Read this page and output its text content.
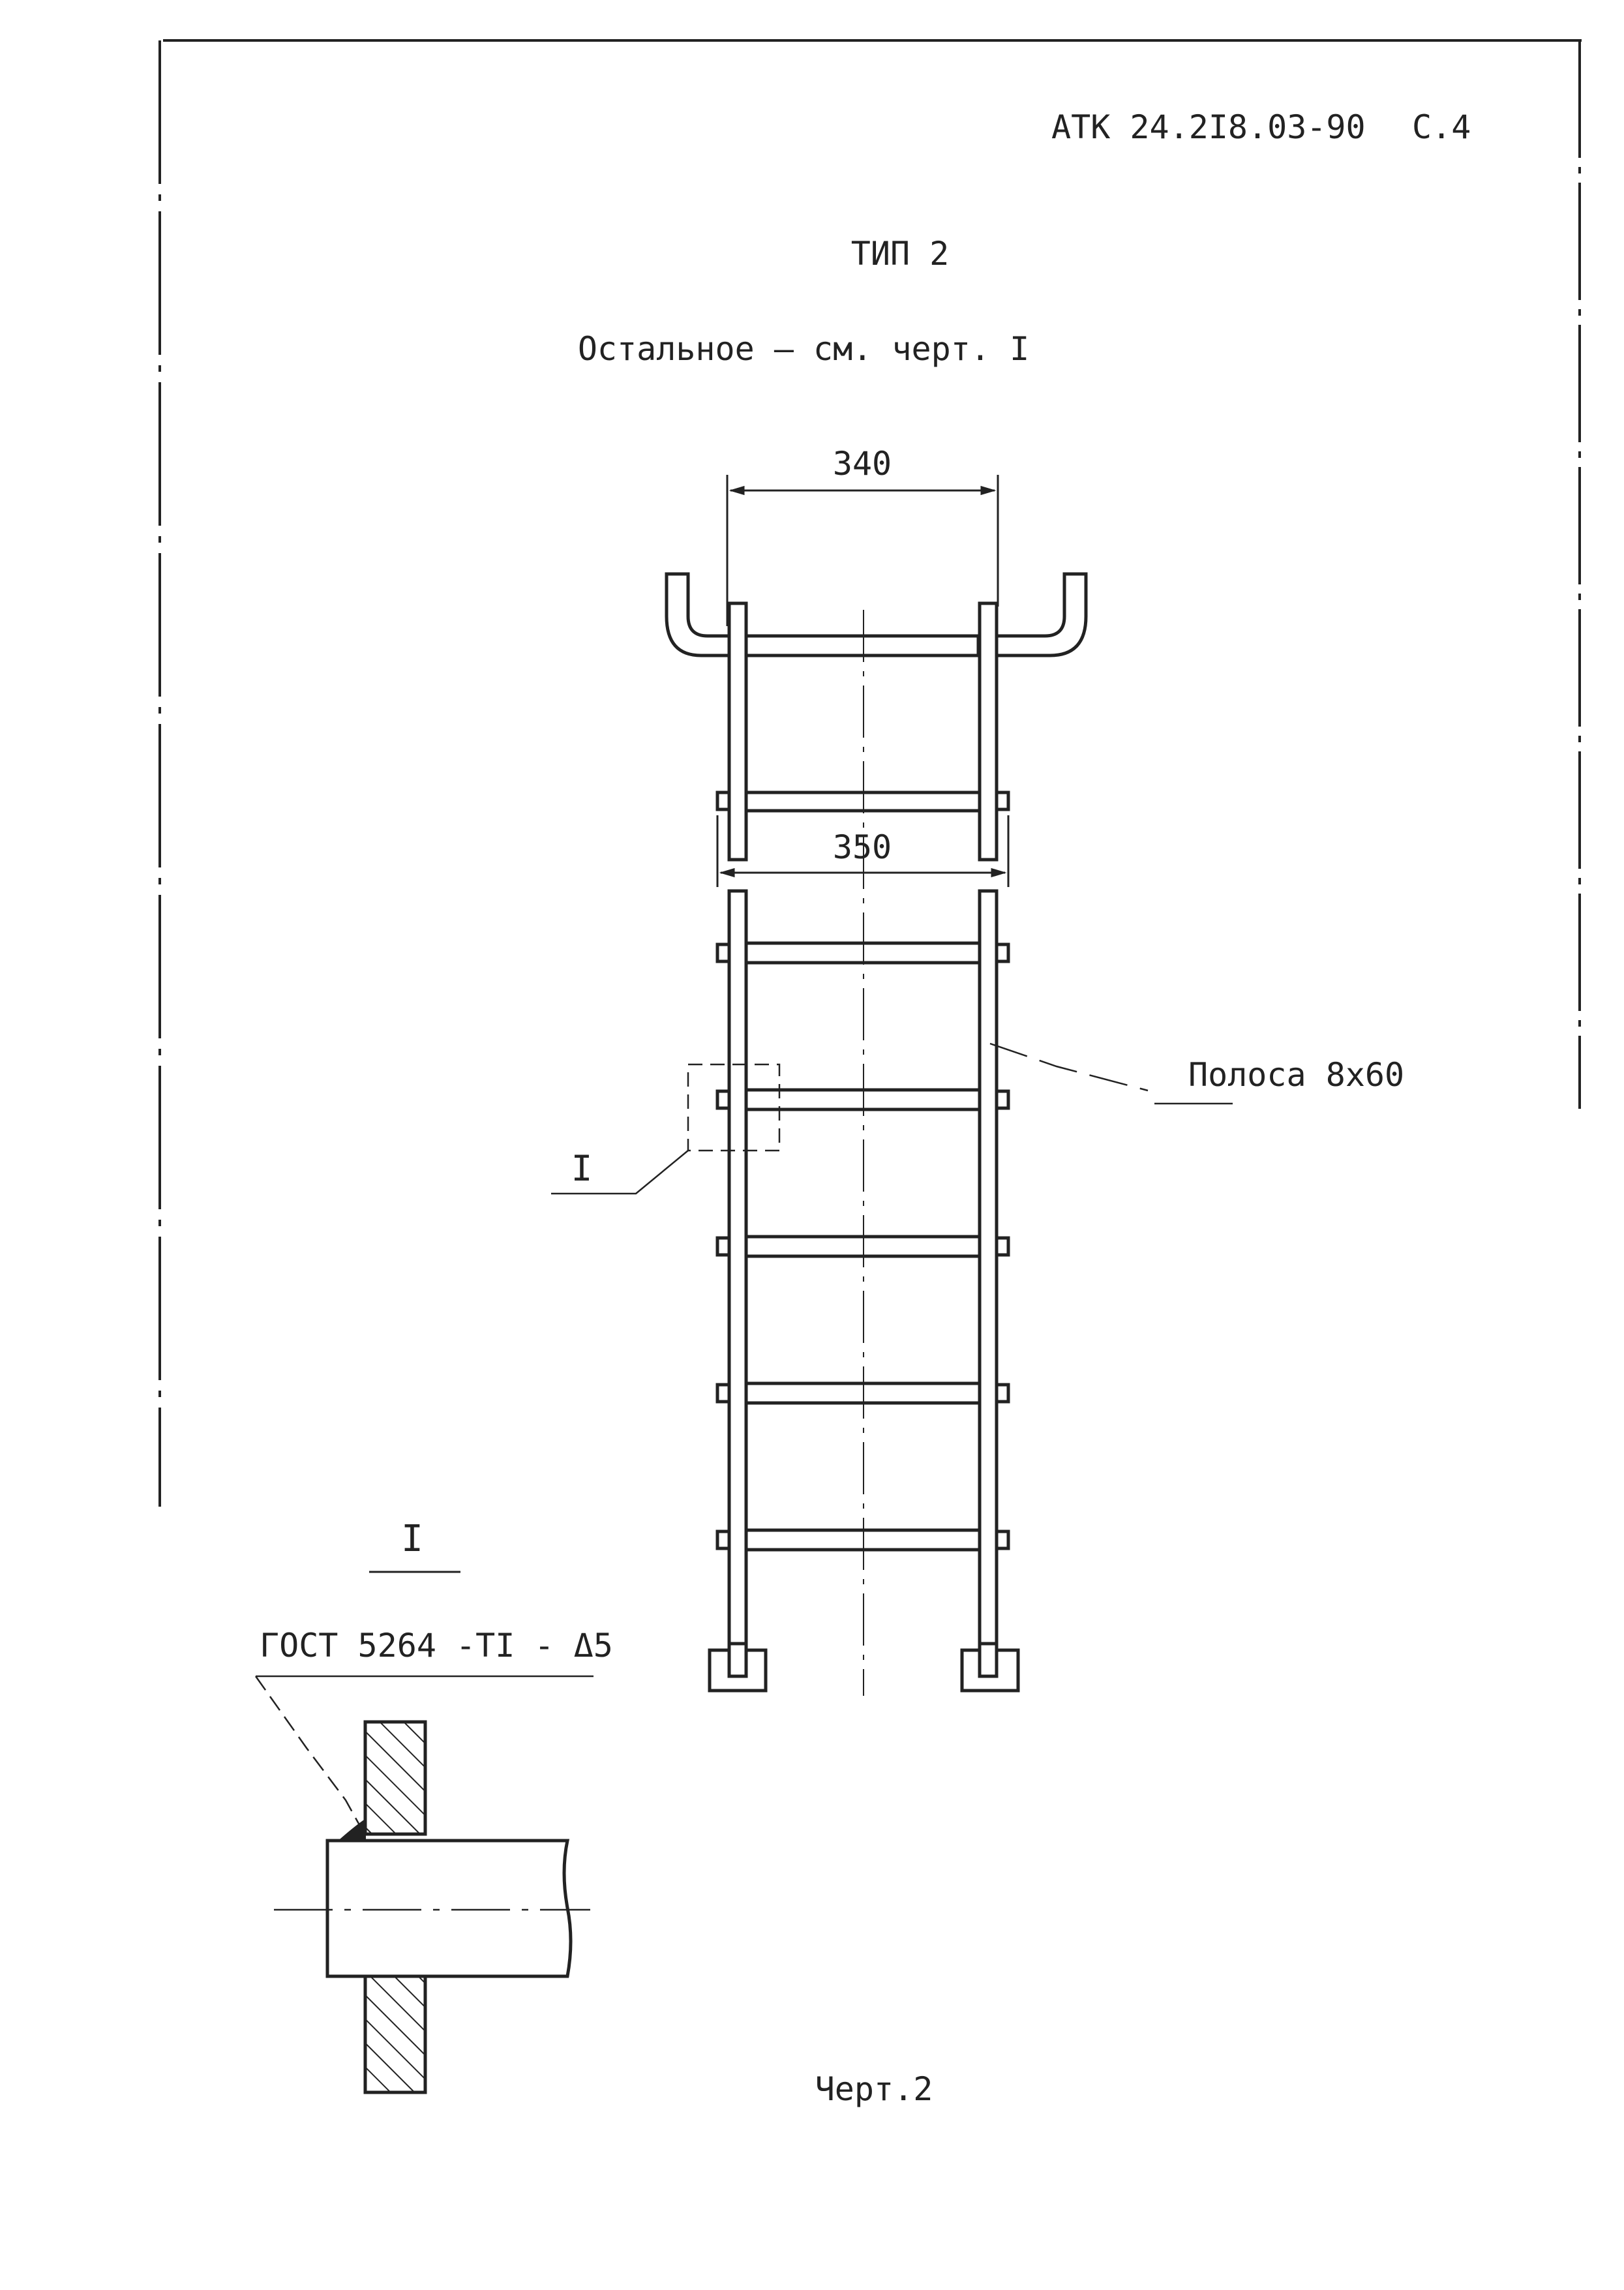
АТК 24.2I8.03-90 С.4
ТИП 2
Остальное – см. черт. I
340
350
Полоса 8х60
I
I
ГОСТ 5264 -ТI - Δ5
Черт.2
